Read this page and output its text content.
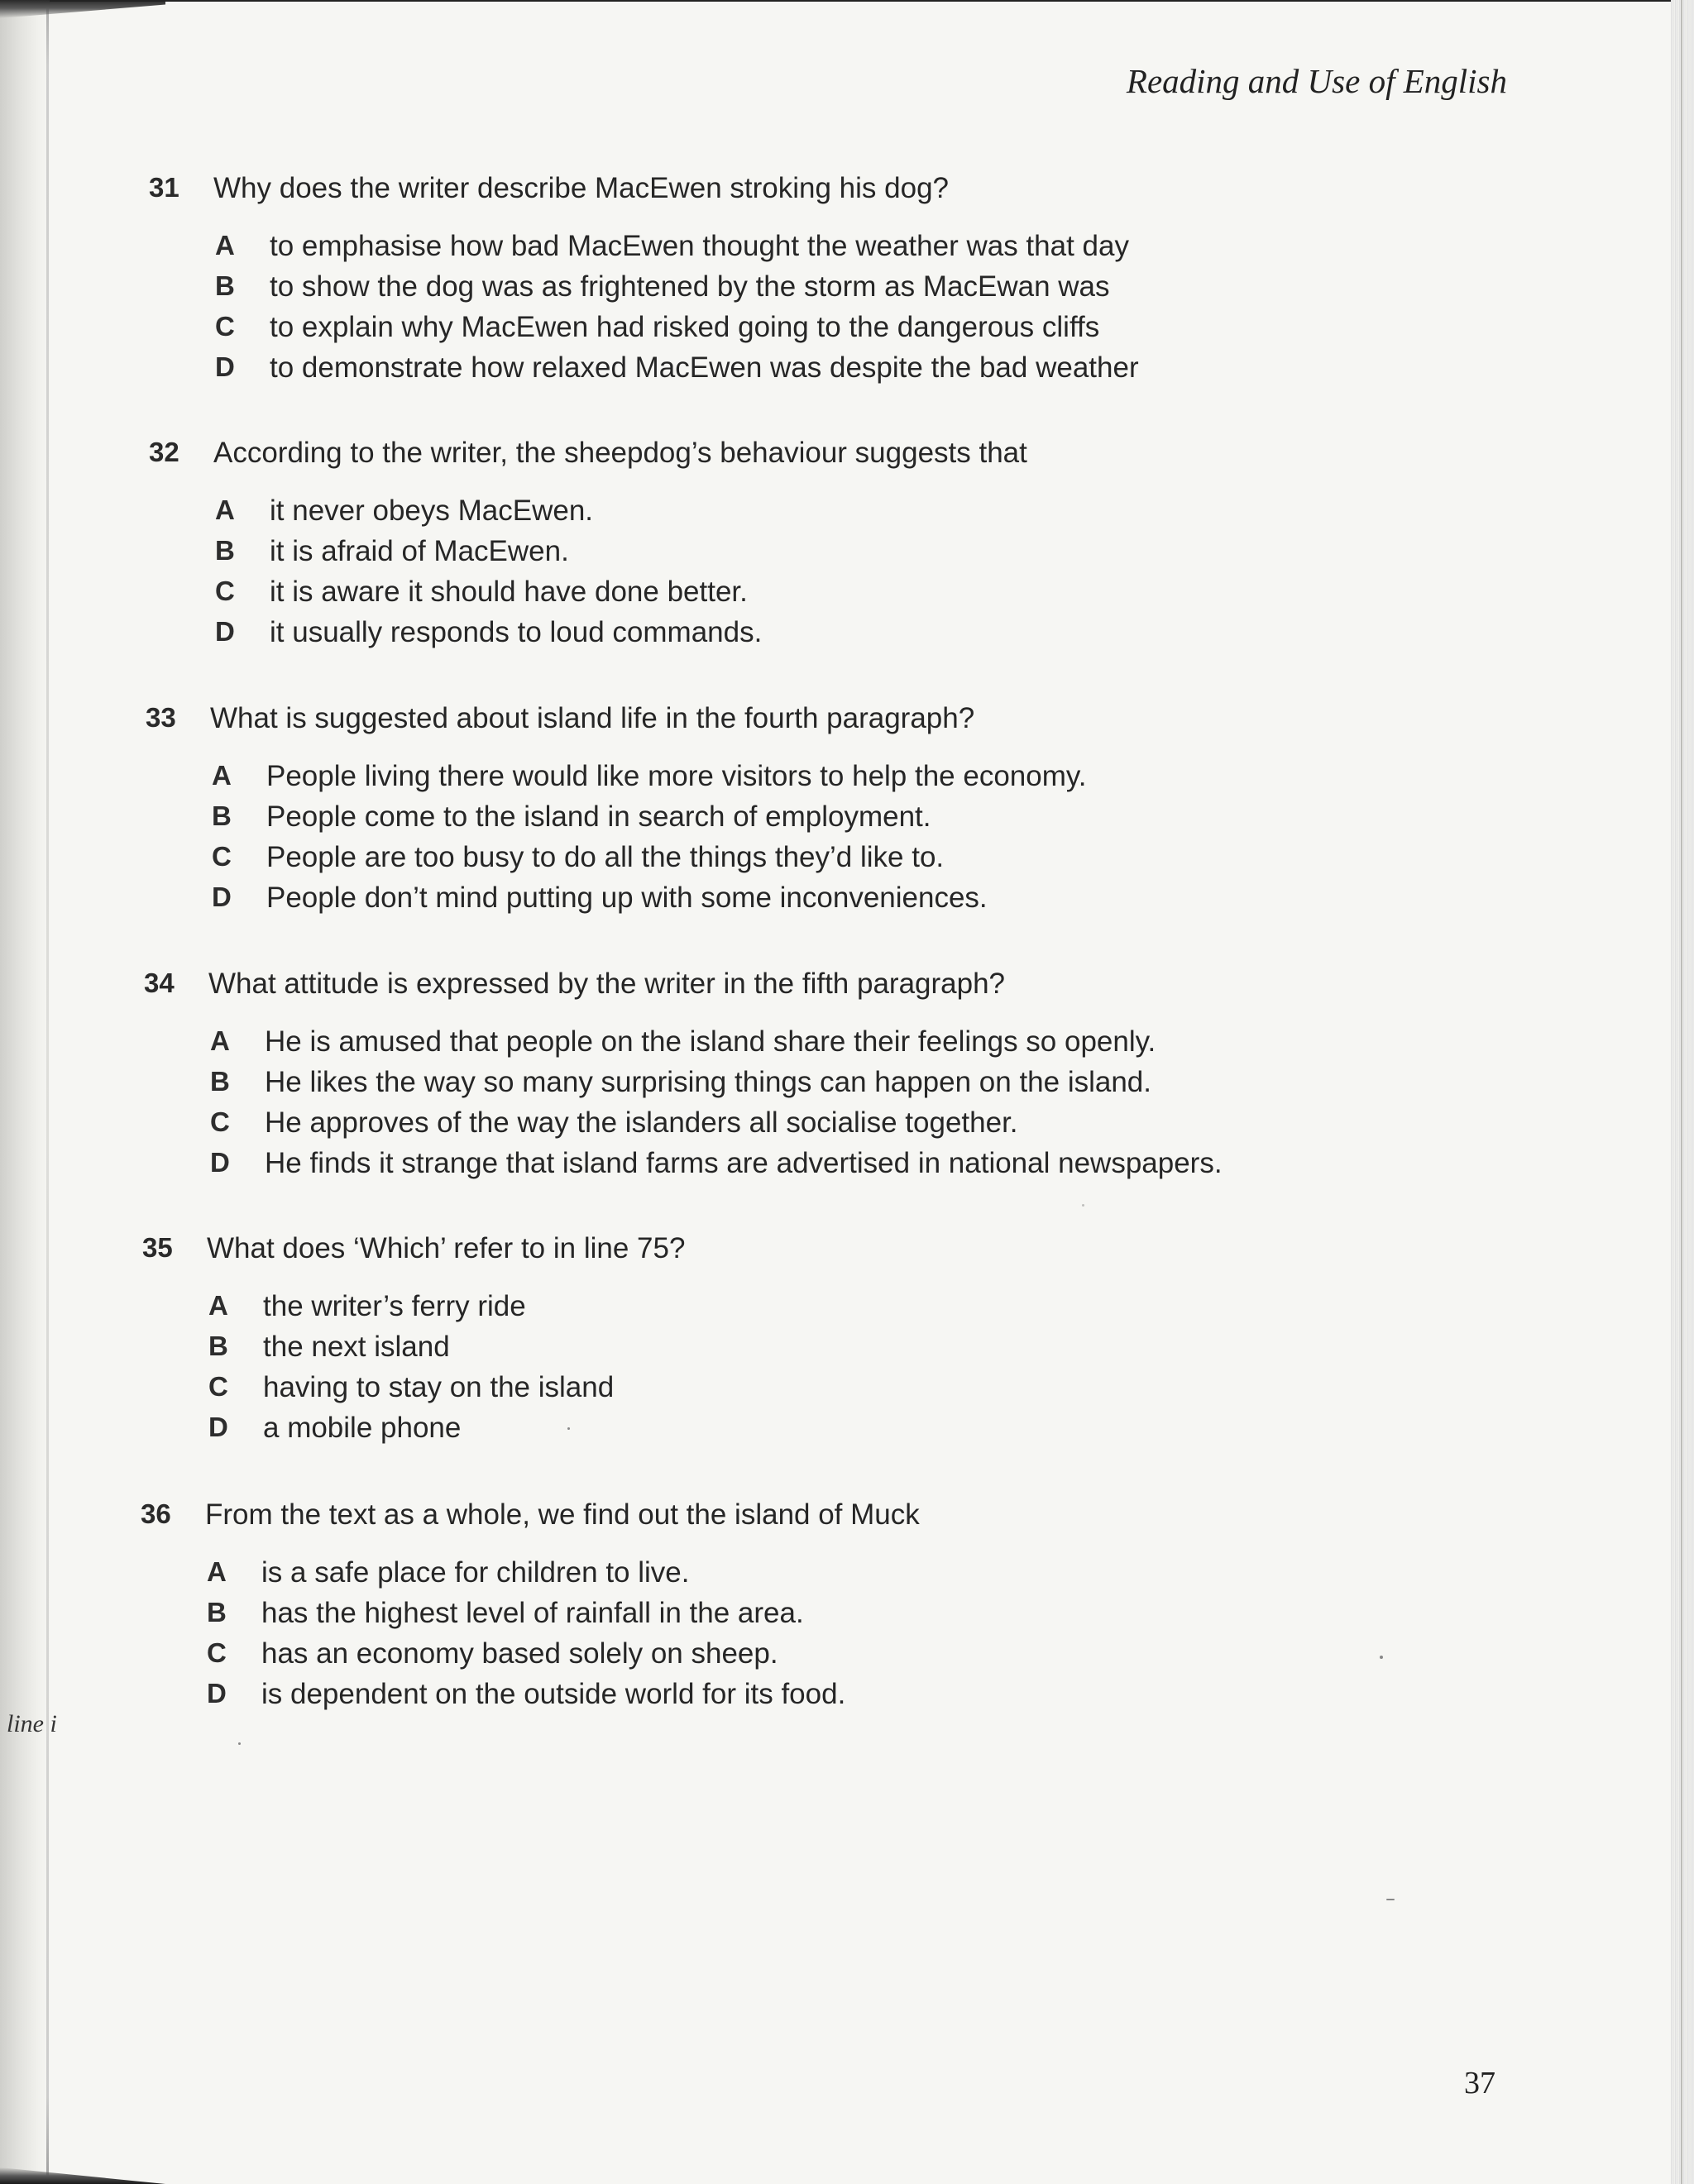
Reading and Use of English
31	Why does the writer describe MacEwen stroking his dog?
A to emphasise how bad MacEwen thought the weather was that day
B to show the dog was as frightened by the storm as MacEwan was
C to explain why MacEwen had risked going to the dangerous cliffs
D to demonstrate how relaxed MacEwen was despite the bad weather
32	According to the writer, the sheepdog’s behaviour suggests that
A it never obeys MacEwen.
B it is afraid of MacEwen.
C it is aware it should have done better.
D it usually responds to loud commands.
33	What is suggested about island life in the fourth paragraph?
A People living there would like more visitors to help the economy.
B People come to the island in search of employment.
C People are too busy to do all the things they’d like to.
D People don’t mind putting up with some inconveniences.
34	What attitude is expressed by the writer in the fifth paragraph?
A He is amused that people on the island share their feelings so openly.
B He likes the way so many surprising things can happen on the island.
C He approves of the way the islanders all socialise together.
D He finds it strange that island farms are advertised in national newspapers.
35	What does ‘Which’ refer to in line 75?
A the writer’s ferry ride
B the next island
C having to stay on the island
D a mobile phone
36	From the text as a whole, we find out the island of Muck
A is a safe place for children to live.
B has the highest level of rainfall in the area.
C has an economy based solely on sheep.
D is dependent on the outside world for its food.
line i
37
